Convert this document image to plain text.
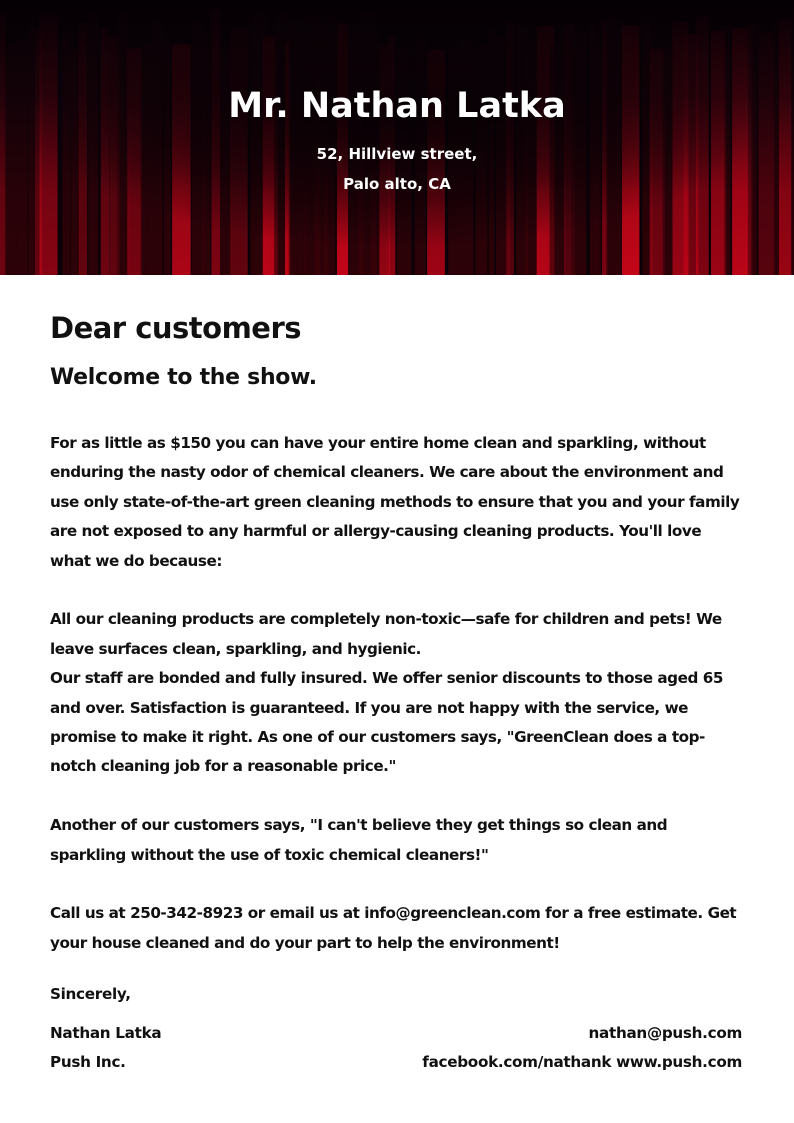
Mr. Nathan Latka
52, Hillview street,
Palo alto, CA
Dear customers
Welcome to the show.

For as little as $150 you can have your entire home clean and sparkling, without enduring the nasty odor of chemical cleaners. We care about the environment and use only state-of-the-art green cleaning methods to ensure that you and your family are not exposed to any harmful or allergy-causing cleaning products. You'll love what we do because:

All our cleaning products are completely non-toxic—safe for children and pets! We leave surfaces clean, sparkling, and hygienic.

Our staff are bonded and fully insured. We offer senior discounts to those aged 65 and over. Satisfaction is guaranteed. If you are not happy with the service, we promise to make it right. As one of our customers says, "GreenClean does a top-notch cleaning job for a reasonable price."

Another of our customers says, "I can't believe they get things so clean and sparkling without the use of toxic chemical cleaners!"

Call us at 250-342-8923 or email us at info@greenclean.com for a free estimate. Get your house cleaned and do your part to help the environment!

Sincerely,
Nathan Latka
Push Inc.
nathan@push.com
facebook.com/nathank www.push.com
